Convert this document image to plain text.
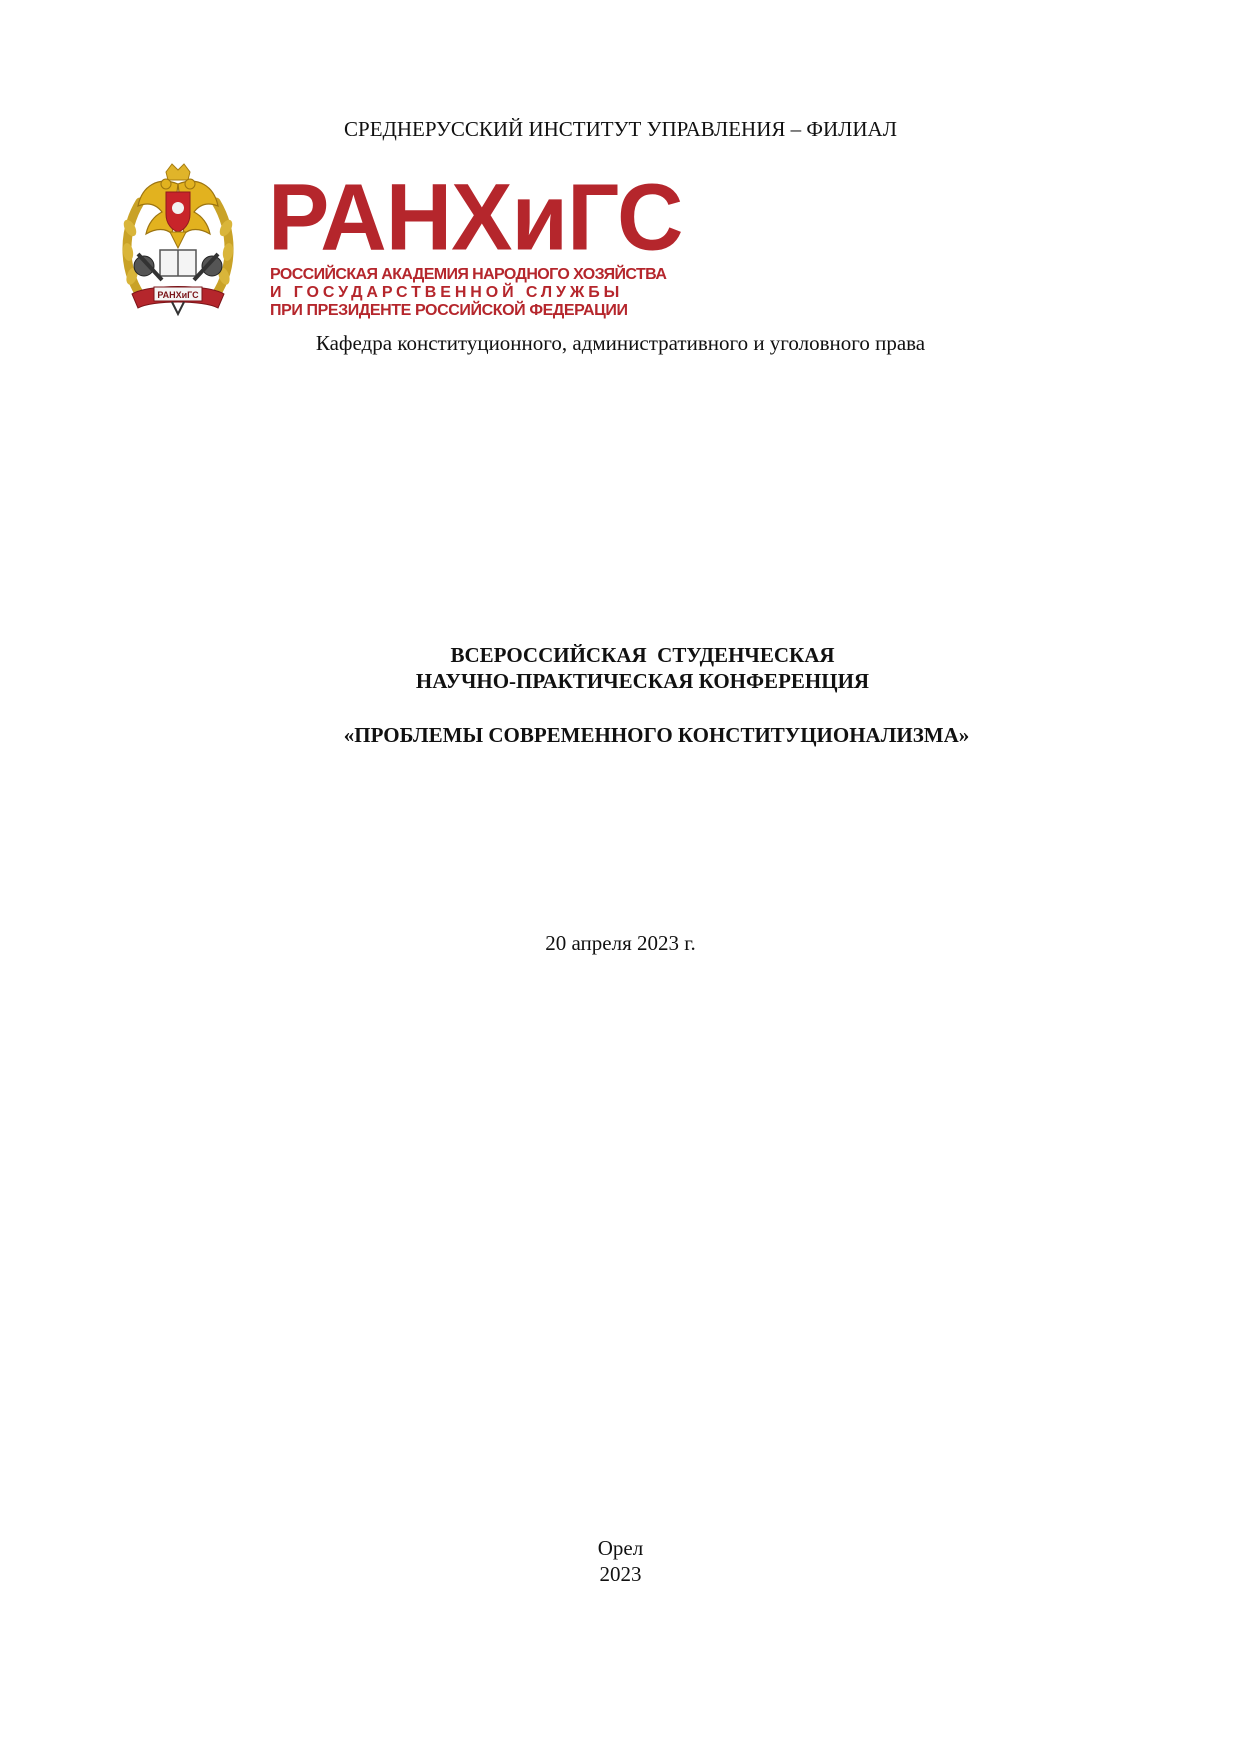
СРЕДНЕРУССКИЙ ИНСТИТУТ УПРАВЛЕНИЯ – ФИЛИАЛ
РАНХиГС
РАНХиГС
РОССИЙСКАЯ АКАДЕМИЯ НАРОДНОГО ХОЗЯЙСТВА
И ГОСУДАРСТВЕННОЙ СЛУЖБЫ
ПРИ ПРЕЗИДЕНТЕ РОССИЙСКОЙ ФЕДЕРАЦИИ
Кафедра конституционного, административного и уголовного права
ВСЕРОССИЙСКАЯ  СТУДЕНЧЕСКАЯ
НАУЧНО-ПРАКТИЧЕСКАЯ КОНФЕРЕНЦИЯ
«ПРОБЛЕМЫ СОВРЕМЕННОГО КОНСТИТУЦИОНАЛИЗМА»
20 апреля 2023 г.
Орел
2023
